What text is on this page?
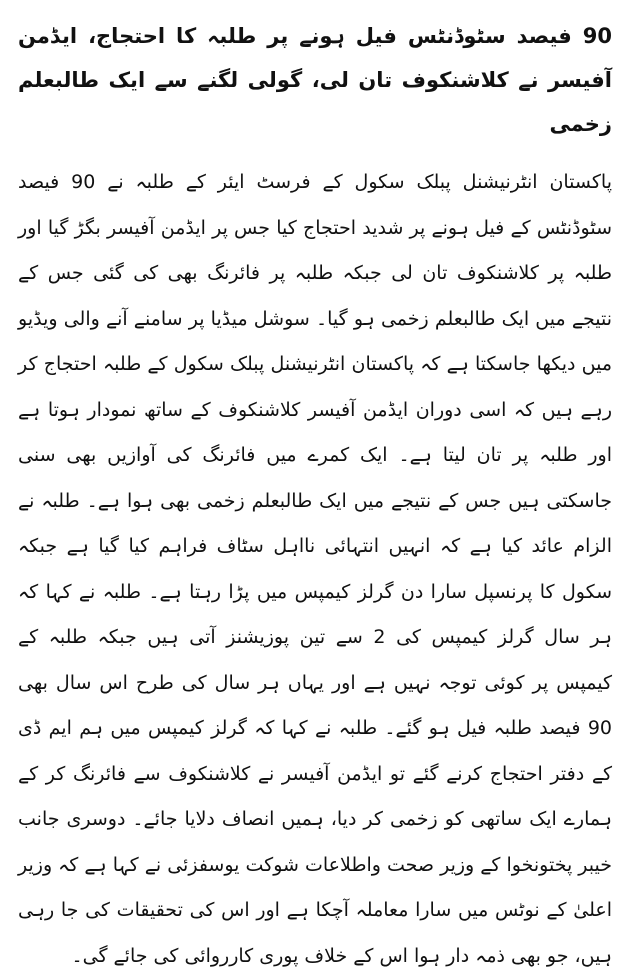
90 فیصد سٹوڈنٹس فیل ہونے پر طلبہ کا احتجاج، ایڈمن آفیسر نے کلاشنکوف تان لی، گولی لگنے سے ایک طالبعلم زخمی

پاکستان انٹرنیشنل پبلک سکول کے فرسٹ ایئر کے طلبہ نے 90 فیصد سٹوڈنٹس کے فیل ہونے پر شدید احتجاج کیا جس پر ایڈمن آفیسر بگڑ گیا اور طلبہ پر کلاشنکوف تان لی جبکہ طلبہ پر فائرنگ بھی کی گئی جس کے نتیجے میں ایک طالبعلم زخمی ہو گیا۔ سوشل میڈیا پر سامنے آنے والی ویڈیو میں دیکھا جاسکتا ہے کہ پاکستان انٹرنیشنل پبلک سکول کے طلبہ احتجاج کر رہے ہیں کہ اسی دوران ایڈمن آفیسر کلاشنکوف کے ساتھ نمودار ہوتا ہے اور طلبہ پر تان لیتا ہے۔ ایک کمرے میں فائرنگ کی آوازیں بھی سنی جاسکتی ہیں جس کے نتیجے میں ایک طالبعلم زخمی بھی ہوا ہے۔ طلبہ نے الزام عائد کیا ہے کہ انہیں انتہائی نااہل سٹاف فراہم کیا گیا ہے جبکہ سکول کا پرنسپل سارا دن گرلز کیمپس میں پڑا رہتا ہے۔ طلبہ نے کہا کہ ہر سال گرلز کیمپس کی 2 سے تین پوزیشنز آتی ہیں جبکہ طلبہ کے کیمپس پر کوئی توجہ نہیں ہے اور یہاں ہر سال کی طرح اس سال بھی 90 فیصد طلبہ فیل ہو گئے۔ طلبہ نے کہا کہ گرلز کیمپس میں ہم ایم ڈی کے دفتر احتجاج کرنے گئے تو ایڈمن آفیسر نے کلاشنکوف سے فائرنگ کر کے ہمارے ایک ساتھی کو زخمی کر دیا، ہمیں انصاف دلایا جائے۔ دوسری جانب خیبر پختونخوا کے وزیر صحت واطلاعات شوکت یوسفزئی نے کہا ہے کہ وزیر اعلیٰ کے نوٹس میں سارا معاملہ آچکا ہے اور اس کی تحقیقات کی جا رہی ہیں، جو بھی ذمہ دار ہوا اس کے خلاف پوری کارروائی کی جائے گی۔
